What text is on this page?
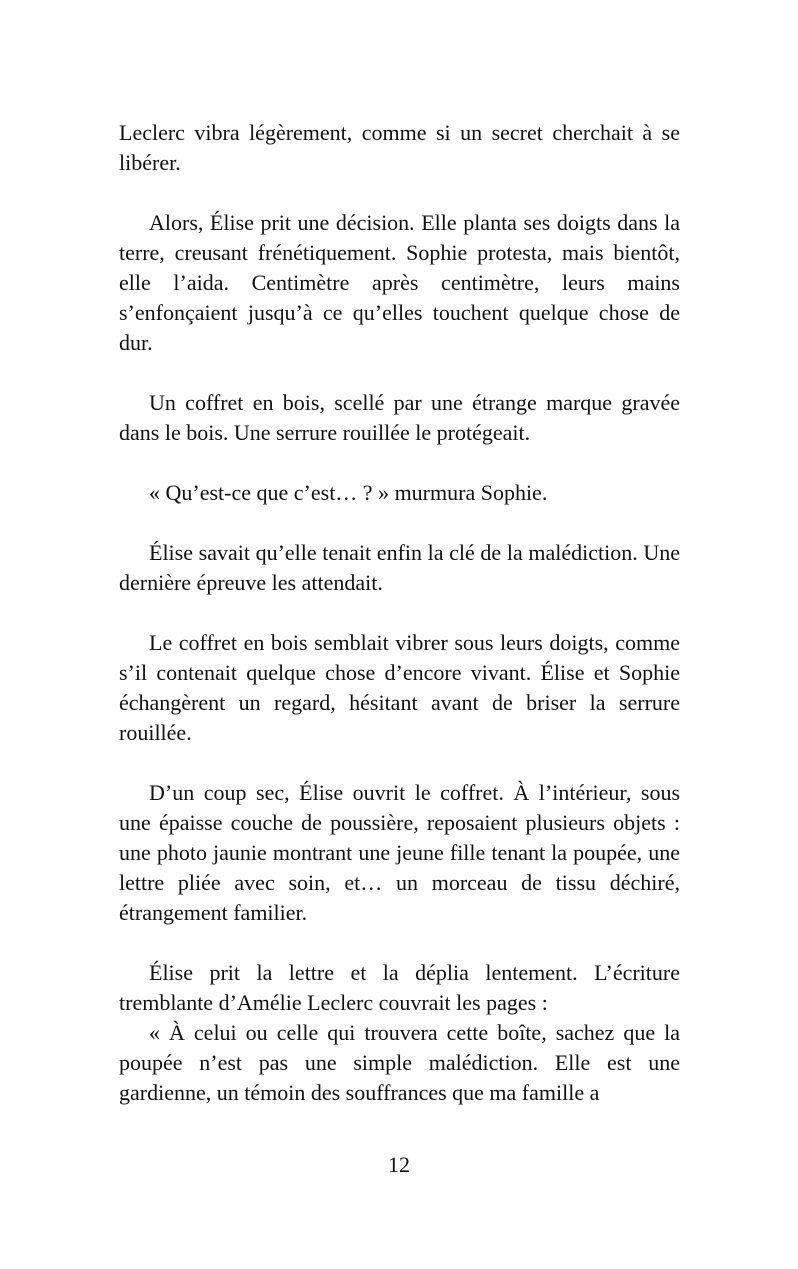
Leclerc vibra légèrement, comme si un secret cherchait à se libérer.

Alors, Élise prit une décision. Elle planta ses doigts dans la terre, creusant frénétiquement. Sophie protesta, mais bientôt, elle l’aida. Centimètre après centimètre, leurs mains s’enfonçaient jusqu’à ce qu’elles touchent quelque chose de dur.

Un coffret en bois, scellé par une étrange marque gravée dans le bois. Une serrure rouillée le protégeait.

« Qu’est-ce que c’est… ? » murmura Sophie.

Élise savait qu’elle tenait enfin la clé de la malédiction. Une dernière épreuve les attendait.

Le coffret en bois semblait vibrer sous leurs doigts, comme s’il contenait quelque chose d’encore vivant. Élise et Sophie échangèrent un regard, hésitant avant de briser la serrure rouillée.

D’un coup sec, Élise ouvrit le coffret. À l’intérieur, sous une épaisse couche de poussière, reposaient plusieurs objets : une photo jaunie montrant une jeune fille tenant la poupée, une lettre pliée avec soin, et… un morceau de tissu déchiré, étrangement familier.

Élise prit la lettre et la déplia lentement. L’écriture tremblante d’Amélie Leclerc couvrait les pages :

« À celui ou celle qui trouvera cette boîte, sachez que la poupée n’est pas une simple malédiction. Elle est une gardienne, un témoin des souffrances que ma famille a

12
